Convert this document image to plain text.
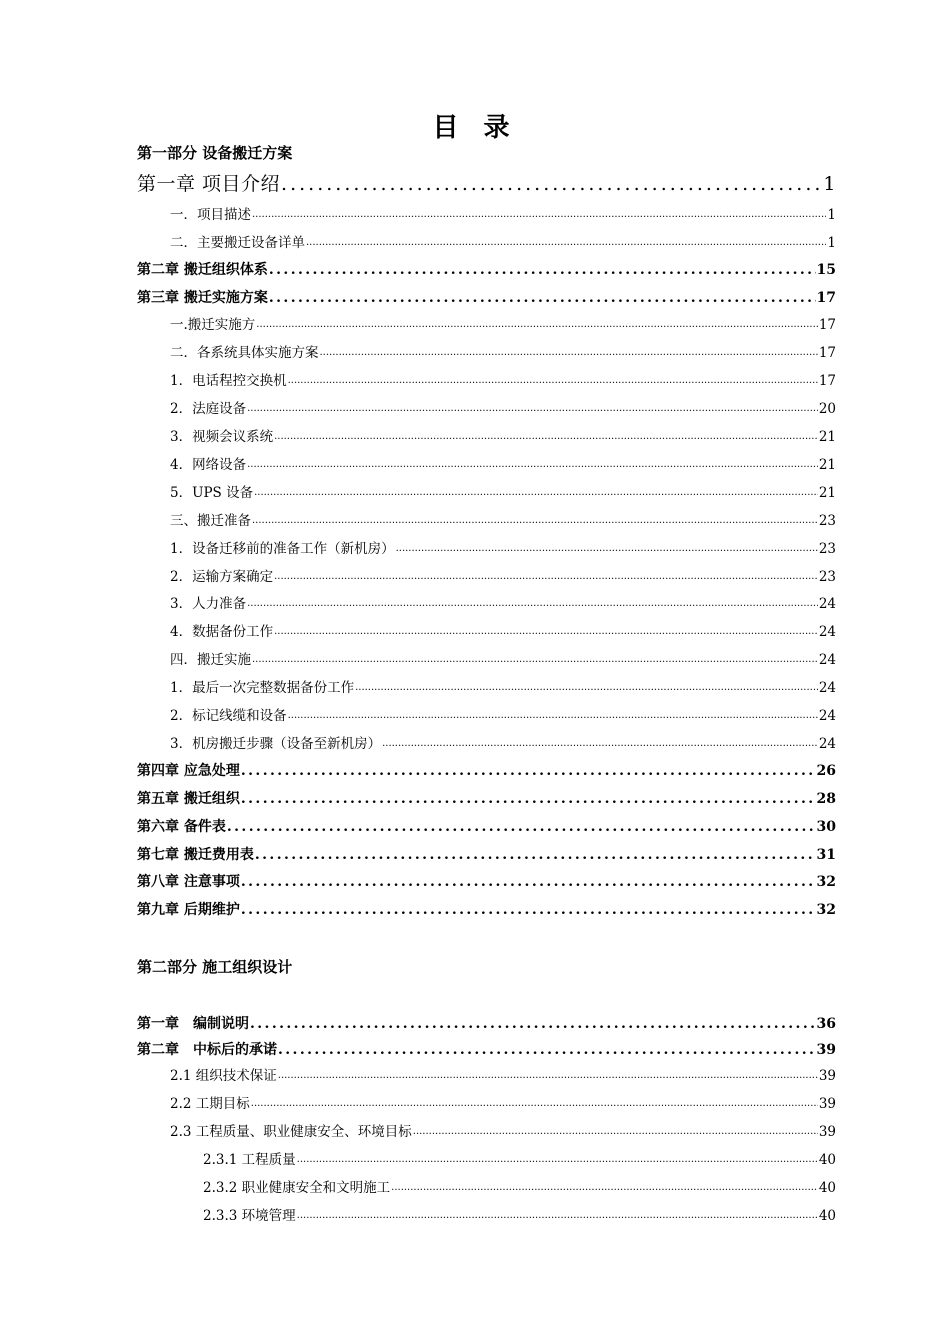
目 录
第一部分 设备搬迁方案
第一章 项目介绍 .....	1
一．项目描述 .....	1
二．主要搬迁设备详单 .....	1
第二章 搬迁组织体系 .....	15
第三章 搬迁实施方案 .....	17
一.搬迁实施方 .....	17
二．各系统具体实施方案 .....	17
1．电话程控交换机 .....	17
2．法庭设备 .....	20
3．视频会议系统 .....	21
4．网络设备 .....	21
5．UPS 设备 .....	21
三、搬迁准备 .....	23
1．设备迁移前的准备工作（新机房） .....	23
2．运输方案确定 .....	23
3．人力准备 .....	24
4．数据备份工作 .....	24
四．搬迁实施 .....	24
1．最后一次完整数据备份工作 .....	24
2．标记线缆和设备 .....	24
3．机房搬迁步骤（设备至新机房） .....	24
第四章 应急处理 .....	26
第五章 搬迁组织 .....	28
第六章 备件表 .....	30
第七章 搬迁费用表 .....	31
第八章 注意事项 .....	32
第九章 后期维护 .....	32
第二部分 施工组织设计
第一章　编制说明 .....	36
第二章　中标后的承诺 .....	39
2.1 组织技术保证 .....	39
2.2 工期目标 .....	39
2.3 工程质量、职业健康安全、环境目标 .....	39
2.3.1 工程质量 .....	40
2.3.2 职业健康安全和文明施工 .....	40
2.3.3 环境管理 .....	40
